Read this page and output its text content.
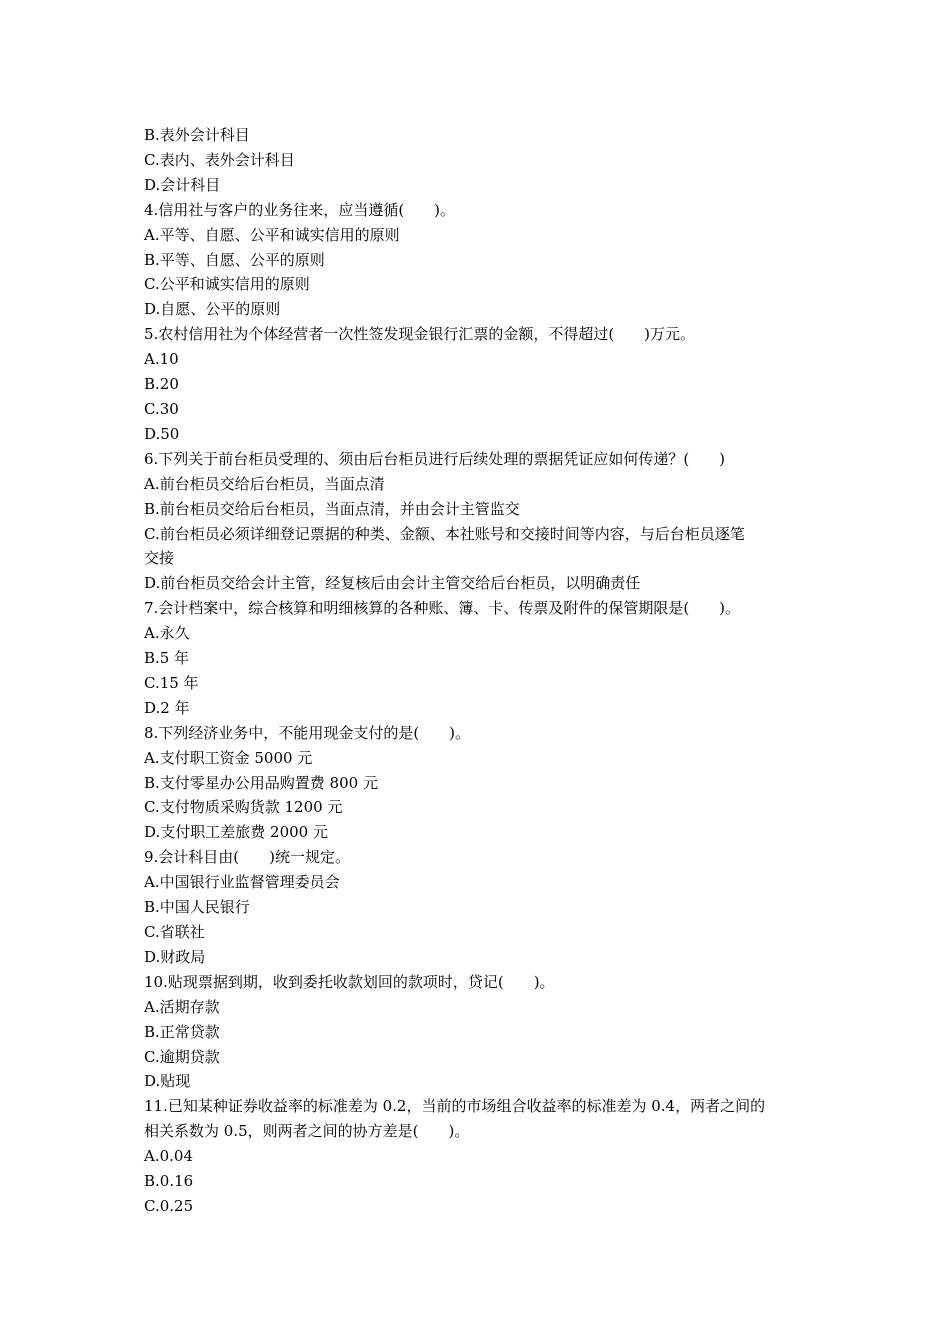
B.表外会计科目

C.表内、表外会计科目

D.会计科目

4.信用社与客户的业务往来，应当遵循(　　)。

A.平等、自愿、公平和诚实信用的原则

B.平等、自愿、公平的原则

C.公平和诚实信用的原则

D.自愿、公平的原则

5.农村信用社为个体经营者一次性签发现金银行汇票的金额，不得超过(　　)万元。

A.10

B.20

C.30

D.50

6.下列关于前台柜员受理的、须由后台柜员进行后续处理的票据凭证应如何传递？(　　)

A.前台柜员交给后台柜员，当面点清

B.前台柜员交给后台柜员，当面点清，并由会计主管监交

C.前台柜员必须详细登记票据的种类、金额、本社账号和交接时间等内容，与后台柜员逐笔

交接

D.前台柜员交给会计主管，经复核后由会计主管交给后台柜员，以明确责任

7.会计档案中，综合核算和明细核算的各种账、簿、卡、传票及附件的保管期限是(　　)。

A.永久

B.5 年

C.15 年

D.2 年

8.下列经济业务中，不能用现金支付的是(　　)。

A.支付职工资金 5000 元

B.支付零星办公用品购置费 800 元

C.支付物质采购货款 1200 元

D.支付职工差旅费 2000 元

9.会计科目由(　　)统一规定。

A.中国银行业监督管理委员会

B.中国人民银行

C.省联社

D.财政局

10.贴现票据到期，收到委托收款划回的款项时，贷记(　　)。

A.活期存款

B.正常贷款

C.逾期贷款

D.贴现

11.已知某种证券收益率的标准差为 0.2，当前的市场组合收益率的标准差为 0.4，两者之间的

相关系数为 0.5，则两者之间的协方差是(　　)。

A.0.04

B.0.16

C.0.25
